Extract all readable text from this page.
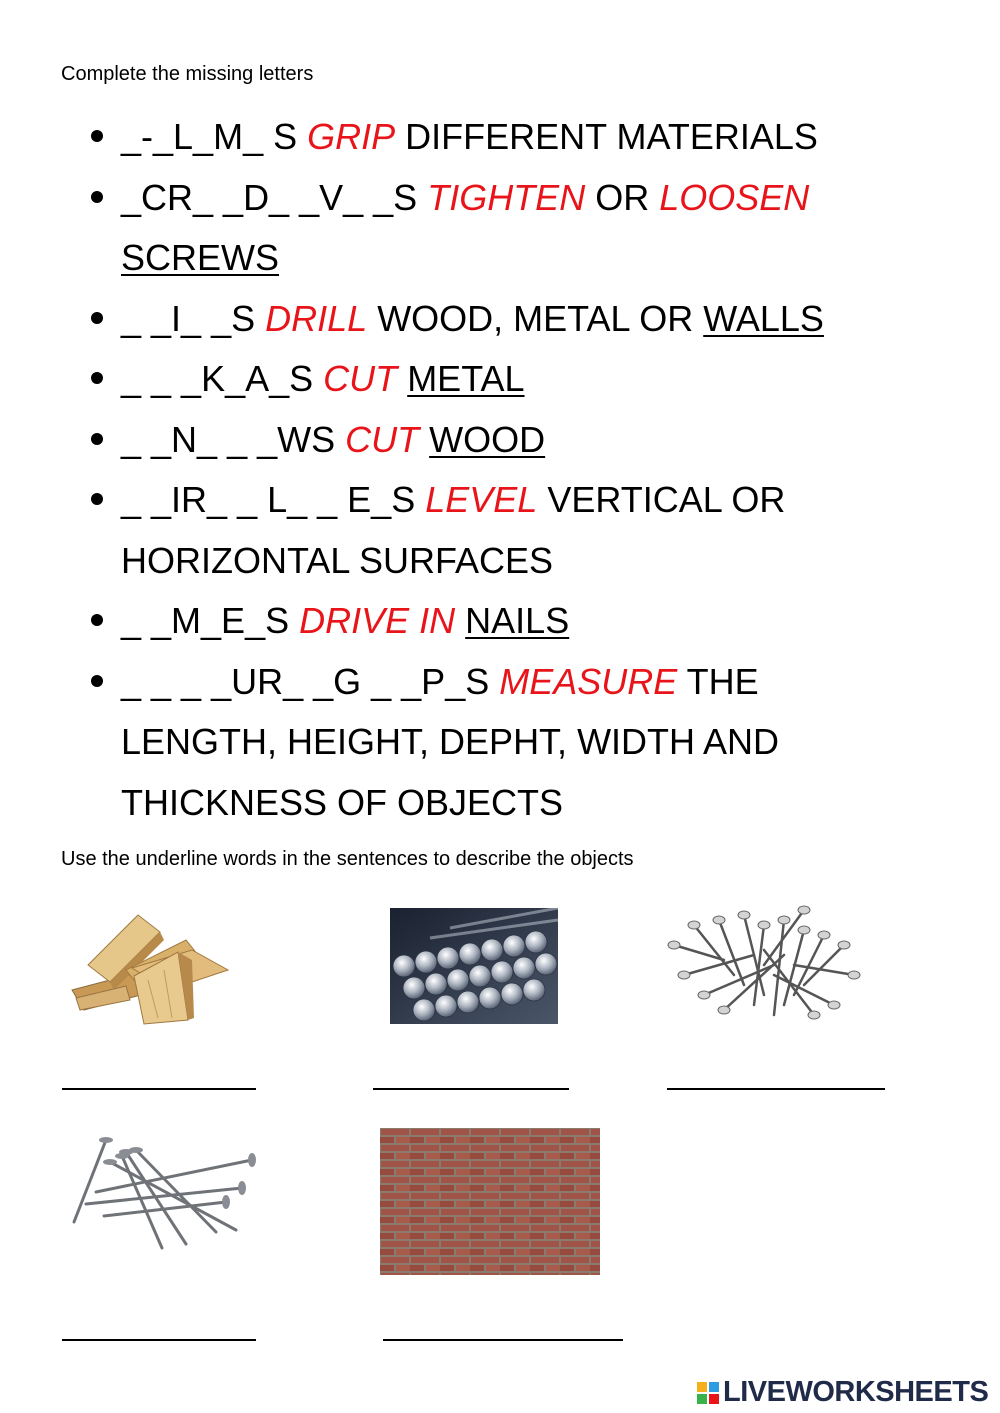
Complete the missing letters
_-_L_M_ S GRIP DIFFERENT MATERIALS
_CR_ _D_ _V_ _S TIGHTEN OR LOOSEN SCREWS
_ _I_ _S DRILL WOOD, METAL OR WALLS
_ _ _K_A_S CUT METAL
_ _N_ _ _WS CUT WOOD
_ _IR_ _ L_ _ E_S LEVEL VERTICAL OR HORIZONTAL SURFACES
_ _M_E_S DRIVE IN NAILS
_ _ _ _UR_ _G _ _P_S MEASURE THE LENGTH, HEIGHT, DEPHT, WIDTH AND THICKNESS OF OBJECTS
Use the underline words in the sentences to describe the objects
LIVEWORKSHEETS
